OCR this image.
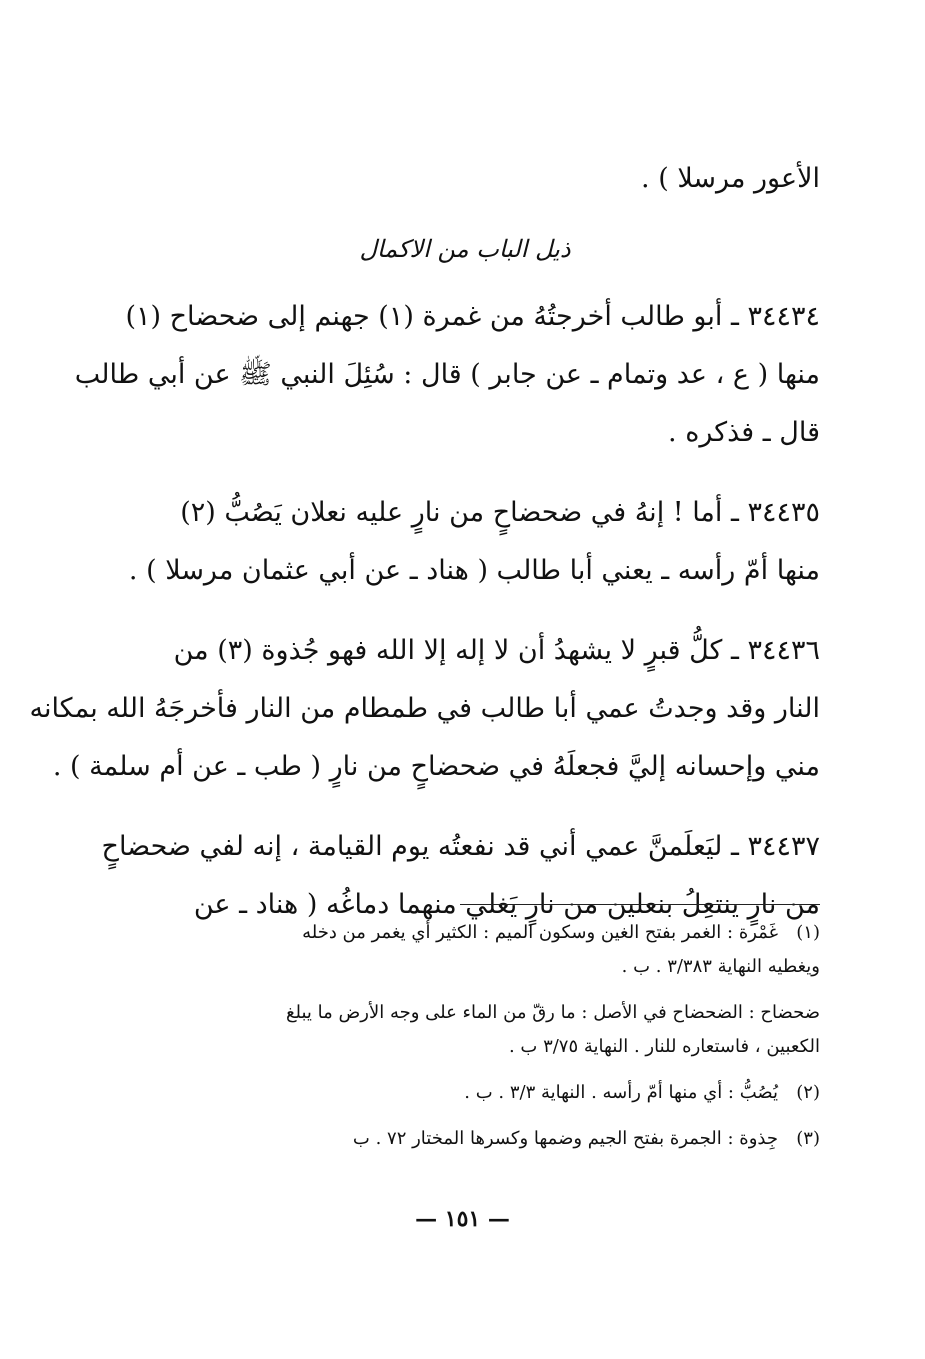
الأعور مرسلا ) .
ذيل الباب من الاكمال
٣٤٤٣٤ ـ أبو طالب أخرجتُهُ من غمرة (١) جهنم إلى ضحضاح (١)
منها ( ع ، عد وتمام ـ عن جابر ) قال : سُئِلَ النبي ﷺ عن أبي طالب
قال ـ فذكره .
٣٤٤٣٥ ـ أما ! إنهُ في ضحضاحٍ من نارٍ عليه نعلان يَصُبُّ (٢)
منها أمّ رأسه ـ يعني أبا طالب ( هناد ـ عن أبي عثمان مرسلا ) .
٣٤٤٣٦ ـ كلُّ قبرٍ لا يشهدُ أن لا إله إلا الله فهو جُذوة (٣) من
النار وقد وجدتُ عمي أبا طالب في طمطام من النار فأخرجَهُ الله بمكانه
مني وإحسانه إليَّ فجعلَهُ في ضحضاحٍ من نارٍ ( طب ـ عن أم سلمة ) .
٣٤٤٣٧ ـ ليَعلَمنَّ عمي أني قد نفعتُه يوم القيامة ، إنه لفي ضحضاحٍ
من نارٍ ينتعِلُ بنعلين من نارٍ يَغلي منهما دماغُه ( هناد ـ عن
(١)غَمْرة : الغمر بفتح الغين وسكون الميم : الكثير أي يغمر من دخله
ويغطيه النهاية ٣/٣٨٣ . ب .
ضحضاح : الضحضاح في الأصل : ما رقّ من الماء على وجه الأرض ما يبلغ
الكعبين ، فاستعاره للنار . النهاية ٣/٧٥ ب .
(٢)يُصُبُّ : أي منها أمّ رأسه . النهاية ٣/٣ . ب .
(٣)جِذوة : الجمرة بفتح الجيم وضمها وكسرها المختار ٧٢ . ب
— ١٥١ —
